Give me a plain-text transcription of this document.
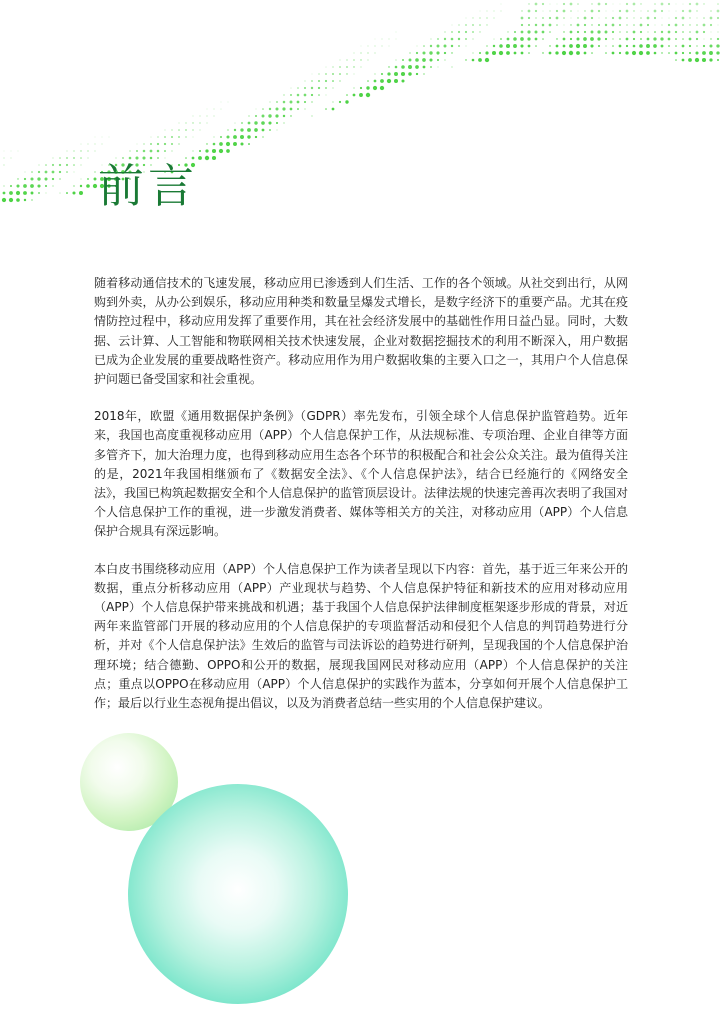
前言

随着移动通信技术的飞速发展，移动应用已渗透到人们生活、工作的各个领域。从社交到出行，从网购到外卖，从办公到娱乐，移动应用种类和数量呈爆发式增长，是数字经济下的重要产品。尤其在疫情防控过程中，移动应用发挥了重要作用，其在社会经济发展中的基础性作用日益凸显。同时，大数据、云计算、人工智能和物联网相关技术快速发展，企业对数据挖掘技术的利用不断深入，用户数据已成为企业发展的重要战略性资产。移动应用作为用户数据收集的主要入口之一，其用户个人信息保护问题已备受国家和社会重视。

2018年，欧盟《通用数据保护条例》（GDPR）率先发布，引领全球个人信息保护监管趋势。近年来，我国也高度重视移动应用（APP）个人信息保护工作，从法规标准、专项治理、企业自律等方面多管齐下，加大治理力度，也得到移动应用生态各个环节的积极配合和社会公众关注。最为值得关注的是，2021年我国相继颁布了《数据安全法》、《个人信息保护法》，结合已经施行的《网络安全法》，我国已构筑起数据安全和个人信息保护的监管顶层设计。法律法规的快速完善再次表明了我国对个人信息保护工作的重视，进一步激发消费者、媒体等相关方的关注，对移动应用（APP）个人信息保护合规具有深远影响。

本白皮书围绕移动应用（APP）个人信息保护工作为读者呈现以下内容：首先，基于近三年来公开的数据，重点分析移动应用（APP）产业现状与趋势、个人信息保护特征和新技术的应用对移动应用（APP）个人信息保护带来挑战和机遇；基于我国个人信息保护法律制度框架逐步形成的背景，对近两年来监管部门开展的移动应用的个人信息保护的专项监督活动和侵犯个人信息的判罚趋势进行分析，并对《个人信息保护法》生效后的监管与司法诉讼的趋势进行研判，呈现我国的个人信息保护治理环境；结合德勤、OPPO和公开的数据，展现我国网民对移动应用（APP）个人信息保护的关注点；重点以OPPO在移动应用（APP）个人信息保护的实践作为蓝本，分享如何开展个人信息保护工作；最后以行业生态视角提出倡议，以及为消费者总结一些实用的个人信息保护建议。
